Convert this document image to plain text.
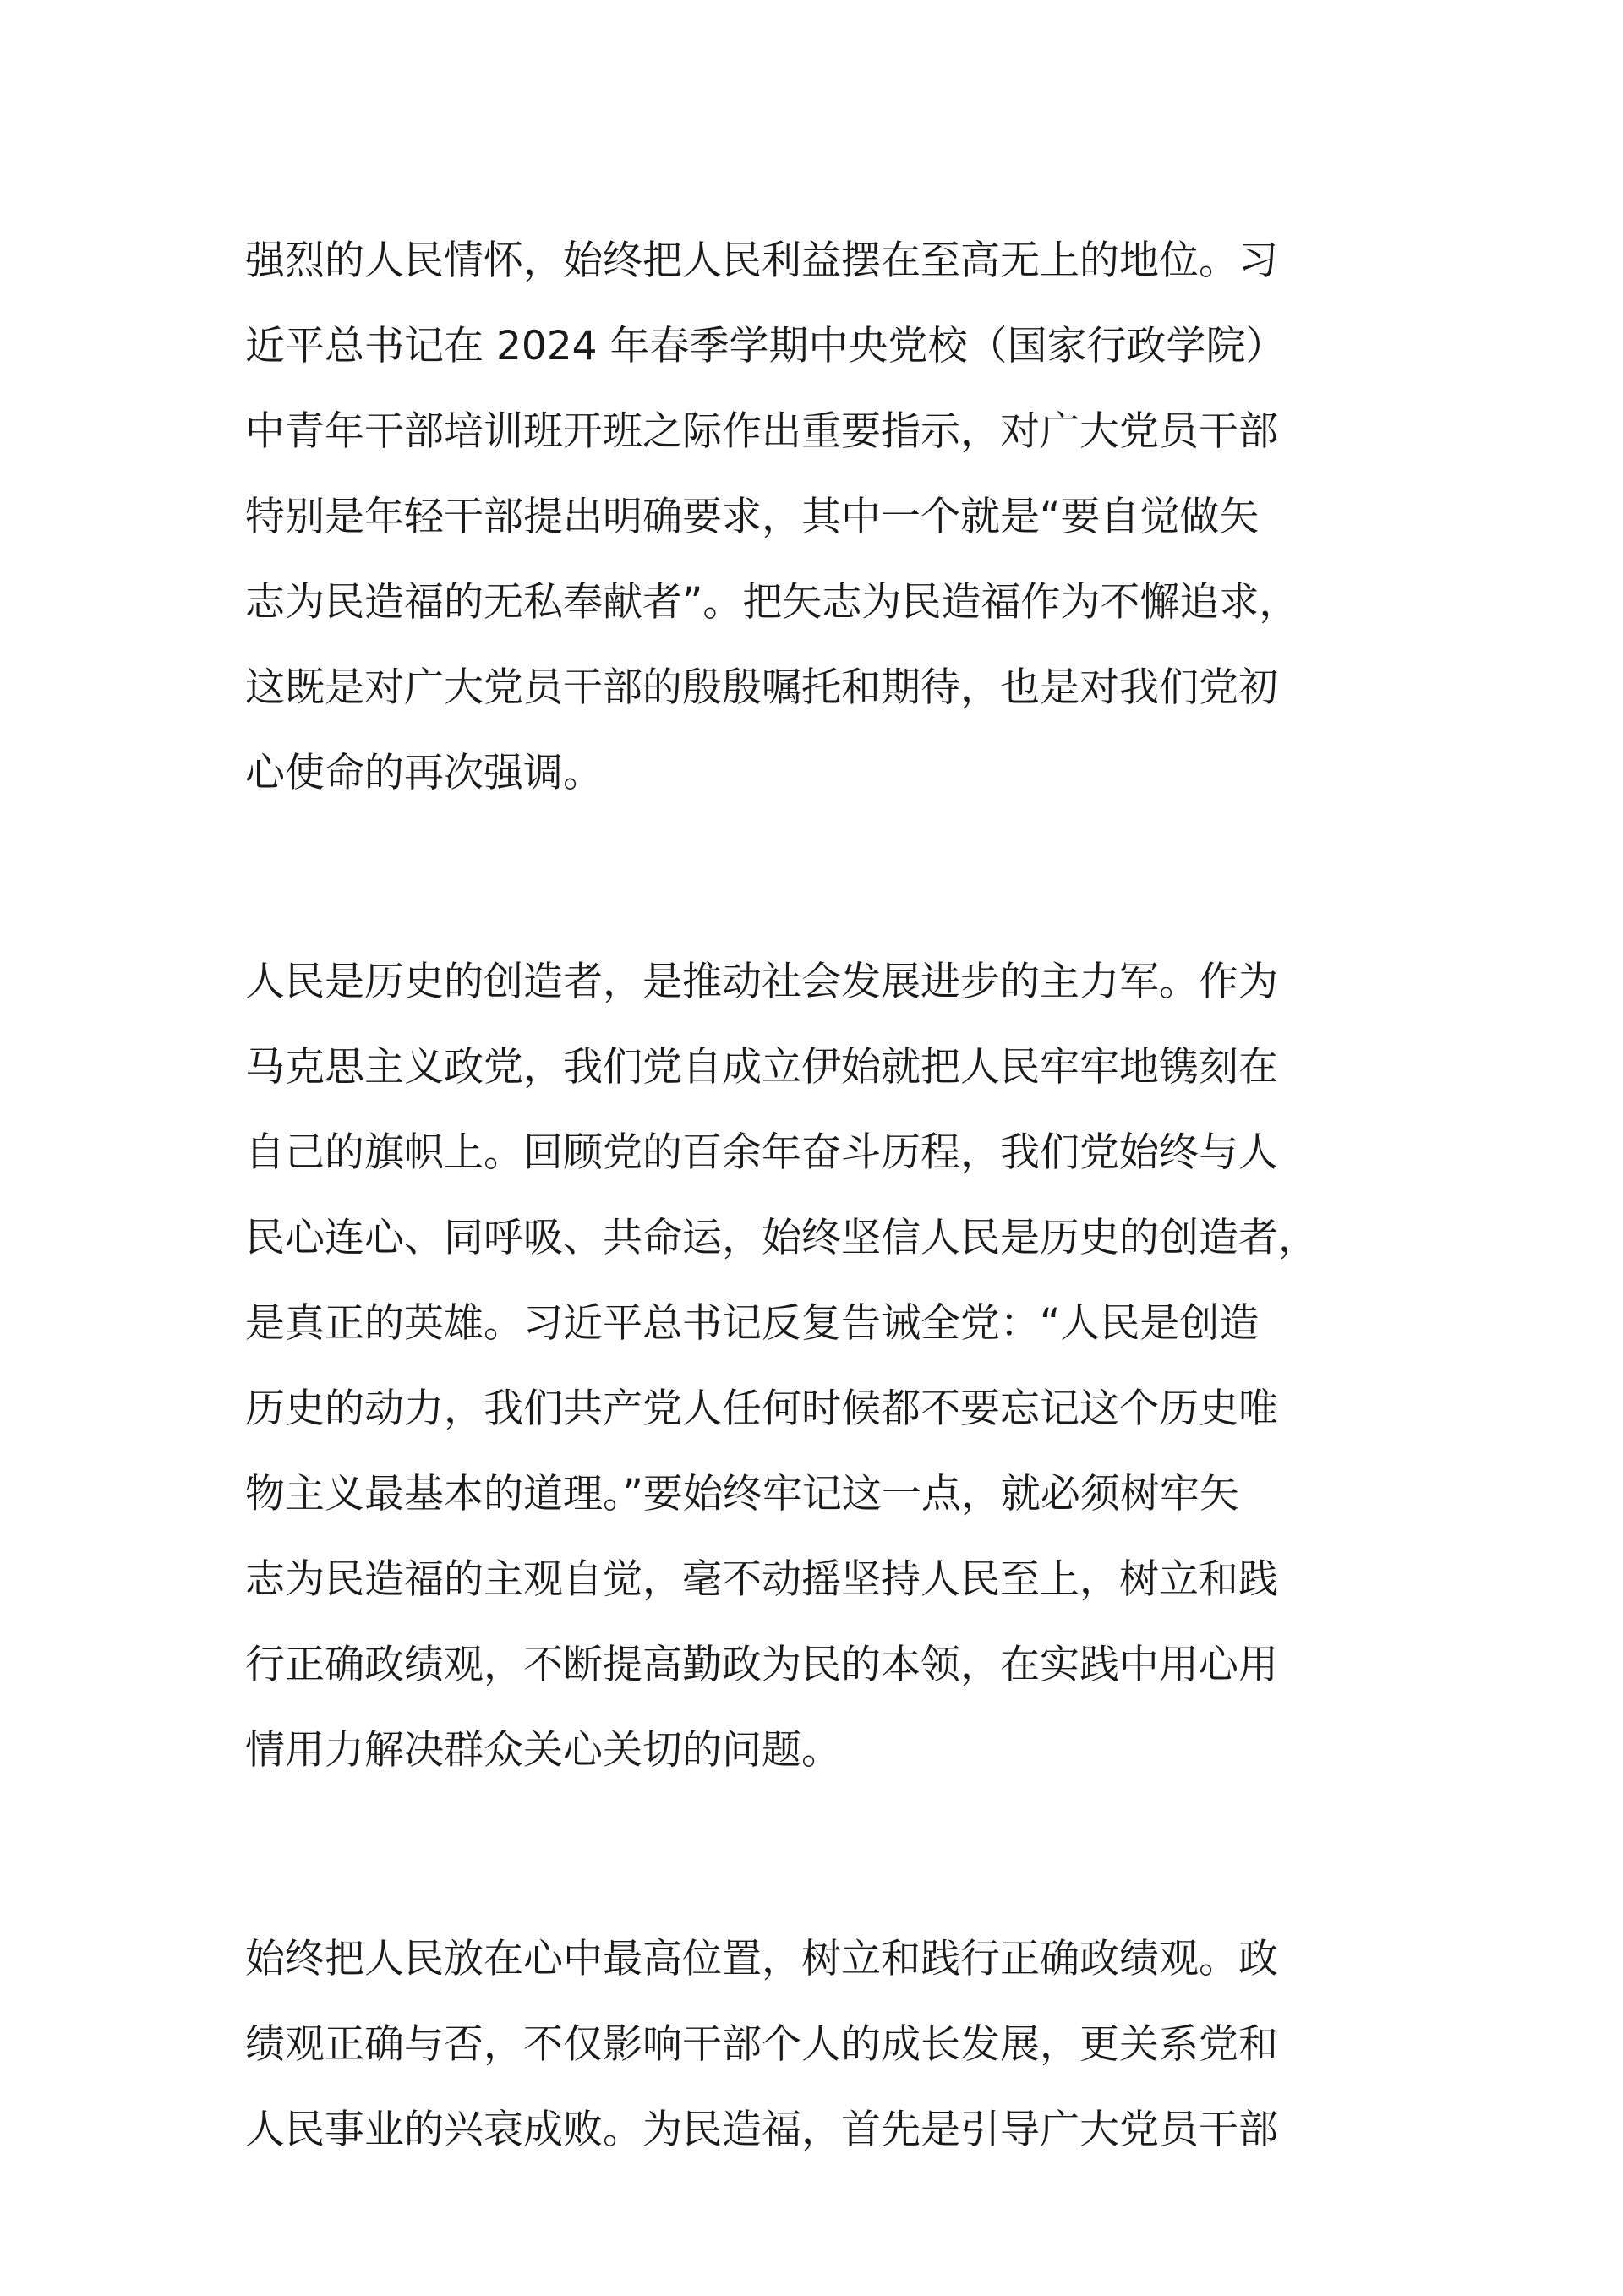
强烈的人民情怀，始终把人民利益摆在至高无上的地位。习
近平总书记在 2024 年春季学期中央党校（国家行政学院）
中青年干部培训班开班之际作出重要指示，对广大党员干部
特别是年轻干部提出明确要求，其中一个就是“要自觉做矢
志为民造福的无私奉献者”。把矢志为民造福作为不懈追求，
这既是对广大党员干部的殷殷嘱托和期待，也是对我们党初
心使命的再次强调。
人民是历史的创造者，是推动社会发展进步的主力军。作为
马克思主义政党，我们党自成立伊始就把人民牢牢地镌刻在
自己的旗帜上。回顾党的百余年奋斗历程，我们党始终与人
民心连心、同呼吸、共命运，始终坚信人民是历史的创造者，
是真正的英雄。习近平总书记反复告诫全党：“人民是创造
历史的动力，我们共产党人任何时候都不要忘记这个历史唯
物主义最基本的道理。”要始终牢记这一点，就必须树牢矢
志为民造福的主观自觉，毫不动摇坚持人民至上，树立和践
行正确政绩观，不断提高勤政为民的本领，在实践中用心用
情用力解决群众关心关切的问题。
始终把人民放在心中最高位置，树立和践行正确政绩观。政
绩观正确与否，不仅影响干部个人的成长发展，更关系党和
人民事业的兴衰成败。为民造福，首先是引导广大党员干部
